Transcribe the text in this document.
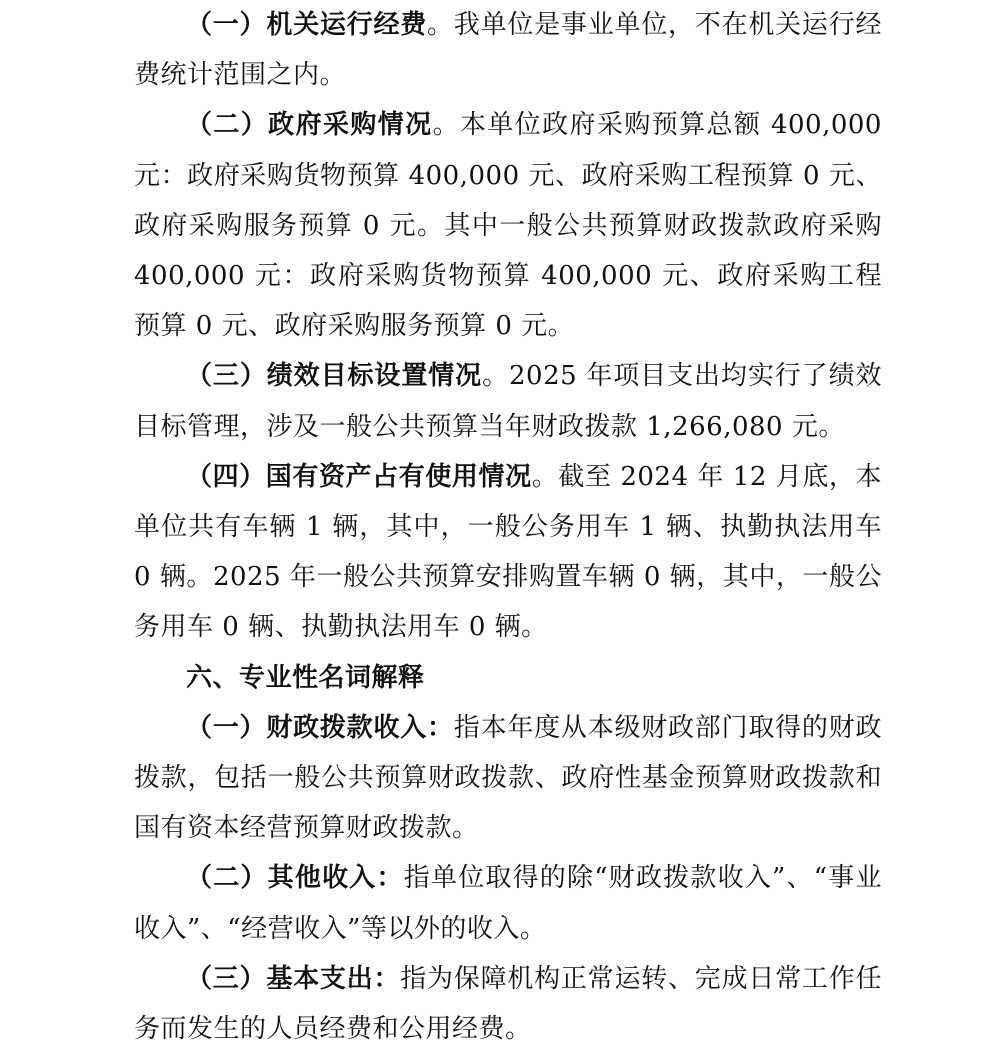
（一）机关运行经费。我单位是事业单位，不在机关运行经费统计范围之内。

（二）政府采购情况。本单位政府采购预算总额 400,000 元：政府采购货物预算 400,000 元、政府采购工程预算 0 元、政府采购服务预算 0 元。其中一般公共预算财政拨款政府采购 400,000 元：政府采购货物预算 400,000 元、政府采购工程预算 0 元、政府采购服务预算 0 元。

（三）绩效目标设置情况。2025 年项目支出均实行了绩效目标管理，涉及一般公共预算当年财政拨款 1,266,080 元。

（四）国有资产占有使用情况。截至 2024 年 12 月底，本单位共有车辆 1 辆，其中，一般公务用车 1 辆、执勤执法用车 0 辆。2025 年一般公共预算安排购置车辆 0 辆，其中，一般公务用车 0 辆、执勤执法用车 0 辆。

六、专业性名词解释

（一）财政拨款收入：指本年度从本级财政部门取得的财政拨款，包括一般公共预算财政拨款、政府性基金预算财政拨款和国有资本经营预算财政拨款。

（二）其他收入：指单位取得的除“财政拨款收入”、“事业收入”、“经营收入”等以外的收入。

（三）基本支出：指为保障机构正常运转、完成日常工作任务而发生的人员经费和公用经费。
